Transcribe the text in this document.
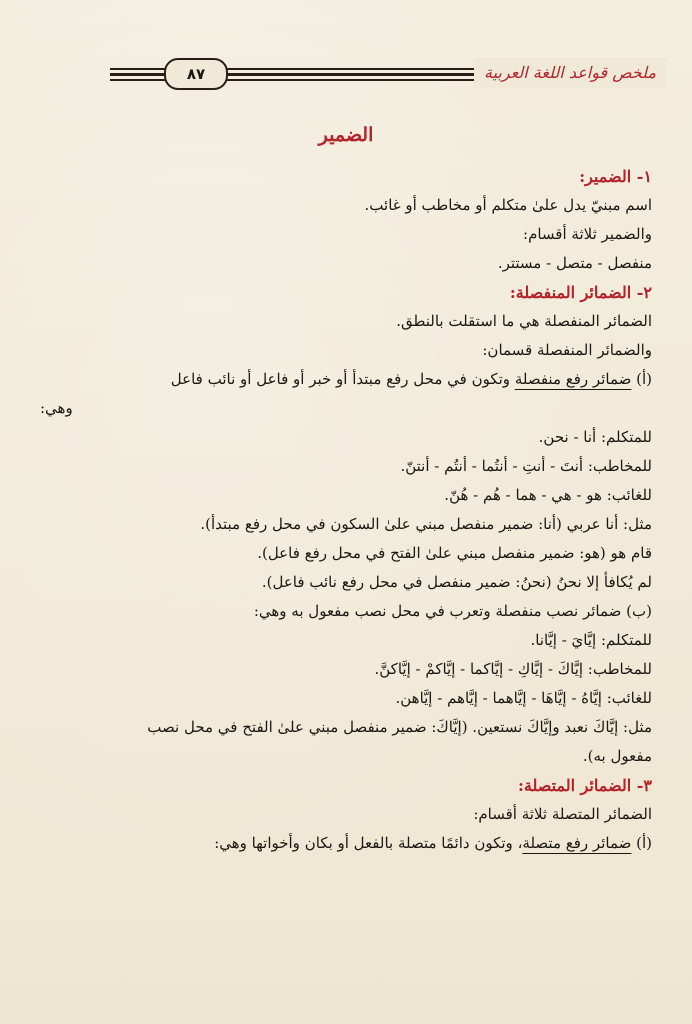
ملخص قواعد اللغة العربية
٨٧
الضمير
١- الضمير:
اسم مبنيّ يدل علىٰ متكلم أو مخاطب أو غائب.
والضمير ثلاثة أقسام:
منفصل - متصل - مستتر.
٢- الضمائر المنفصلة:
الضمائر المنفصلة هي ما استقلت بالنطق.
والضمائر المنفصلة قسمان:
(أ) ضمائر رفع منفصلة وتكون في محل رفع مبتدأ أو خبر أو فاعل أو نائب فاعل
وهي:
للمتكلم: أنا - نحن.
للمخاطب: أنتَ - أنتِ - أنتُما - أنتُم - أنتنّ.
للغائب: هو - هي - هما - هُم - هُنّ.
مثل: أنا عربي (أنا: ضمير منفصل مبني علىٰ السكون في محل رفع مبتدأ).
قام هو (هو: ضمير منفصل مبني علىٰ الفتح في محل رفع فاعل).
لم يُكافأ إلا نحنُ (نحنُ: ضمير منفصل في محل رفع نائب فاعل).
(ب) ضمائر نصب منفصلة وتعرب في محل نصب مفعول به وهي:
للمتكلم: إيَّايَ - إيَّانا.
للمخاطب: إيَّاكَ - إيَّاكِ - إيَّاكما - إيَّاكمْ - إيَّاكنَّ.
للغائب: إيَّاهُ - إيَّاهَا - إيَّاهما - إيَّاهم - إيَّاهن.
مثل: إيَّاكَ نعبد وإيَّاكَ نستعين. (إيَّاكَ: ضمير منفصل مبني علىٰ الفتح في محل نصب
مفعول به).
٣- الضمائر المتصلة:
الضمائر المتصلة ثلاثة أقسام:
(أ) ضمائر رفع متصلة، وتكون دائمًا متصلة بالفعل أو بكان وأخواتها وهي:
